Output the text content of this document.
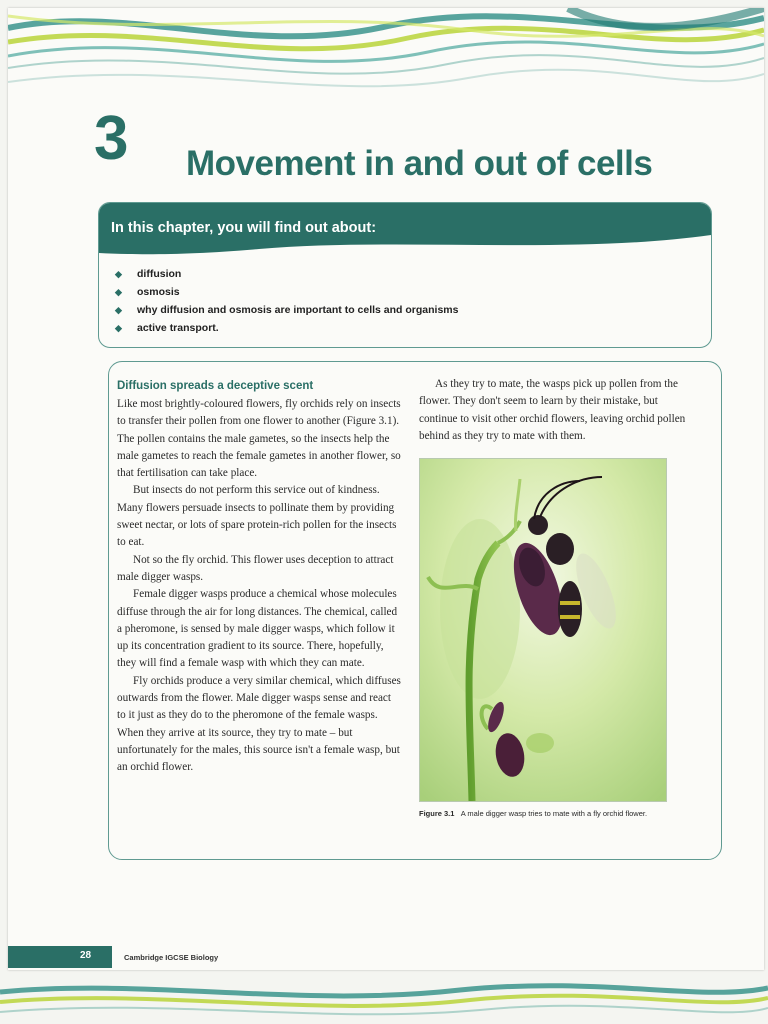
3 Movement in and out of cells
In this chapter, you will find out about:
◆ diffusion
◆ osmosis
◆ why diffusion and osmosis are important to cells and organisms
◆ active transport.
Diffusion spreads a deceptive scent

Like most brightly-coloured flowers, fly orchids rely on insects to transfer their pollen from one flower to another (Figure 3.1). The pollen contains the male gametes, so the insects help the male gametes to reach the female gametes in another flower, so that fertilisation can take place.

But insects do not perform this service out of kindness. Many flowers persuade insects to pollinate them by providing sweet nectar, or lots of spare protein-rich pollen for the insects to eat.

Not so the fly orchid. This flower uses deception to attract male digger wasps.

Female digger wasps produce a chemical whose molecules diffuse through the air for long distances. The chemical, called a pheromone, is sensed by male digger wasps, which follow it up its concentration gradient to its source. There, hopefully, they will find a female wasp with which they can mate.

Fly orchids produce a very similar chemical, which diffuses outwards from the flower. Male digger wasps sense and react to it just as they do to the pheromone of the female wasps. When they arrive at its source, they try to mate – but unfortunately for the males, this source isn't a female wasp, but an orchid flower.

As they try to mate, the wasps pick up pollen from the flower. They don't seem to learn by their mistake, but continue to visit other orchid flowers, leaving orchid pollen behind as they try to mate with them.

Figure 3.1 A male digger wasp tries to mate with a fly orchid flower.
28	Cambridge IGCSE Biology
